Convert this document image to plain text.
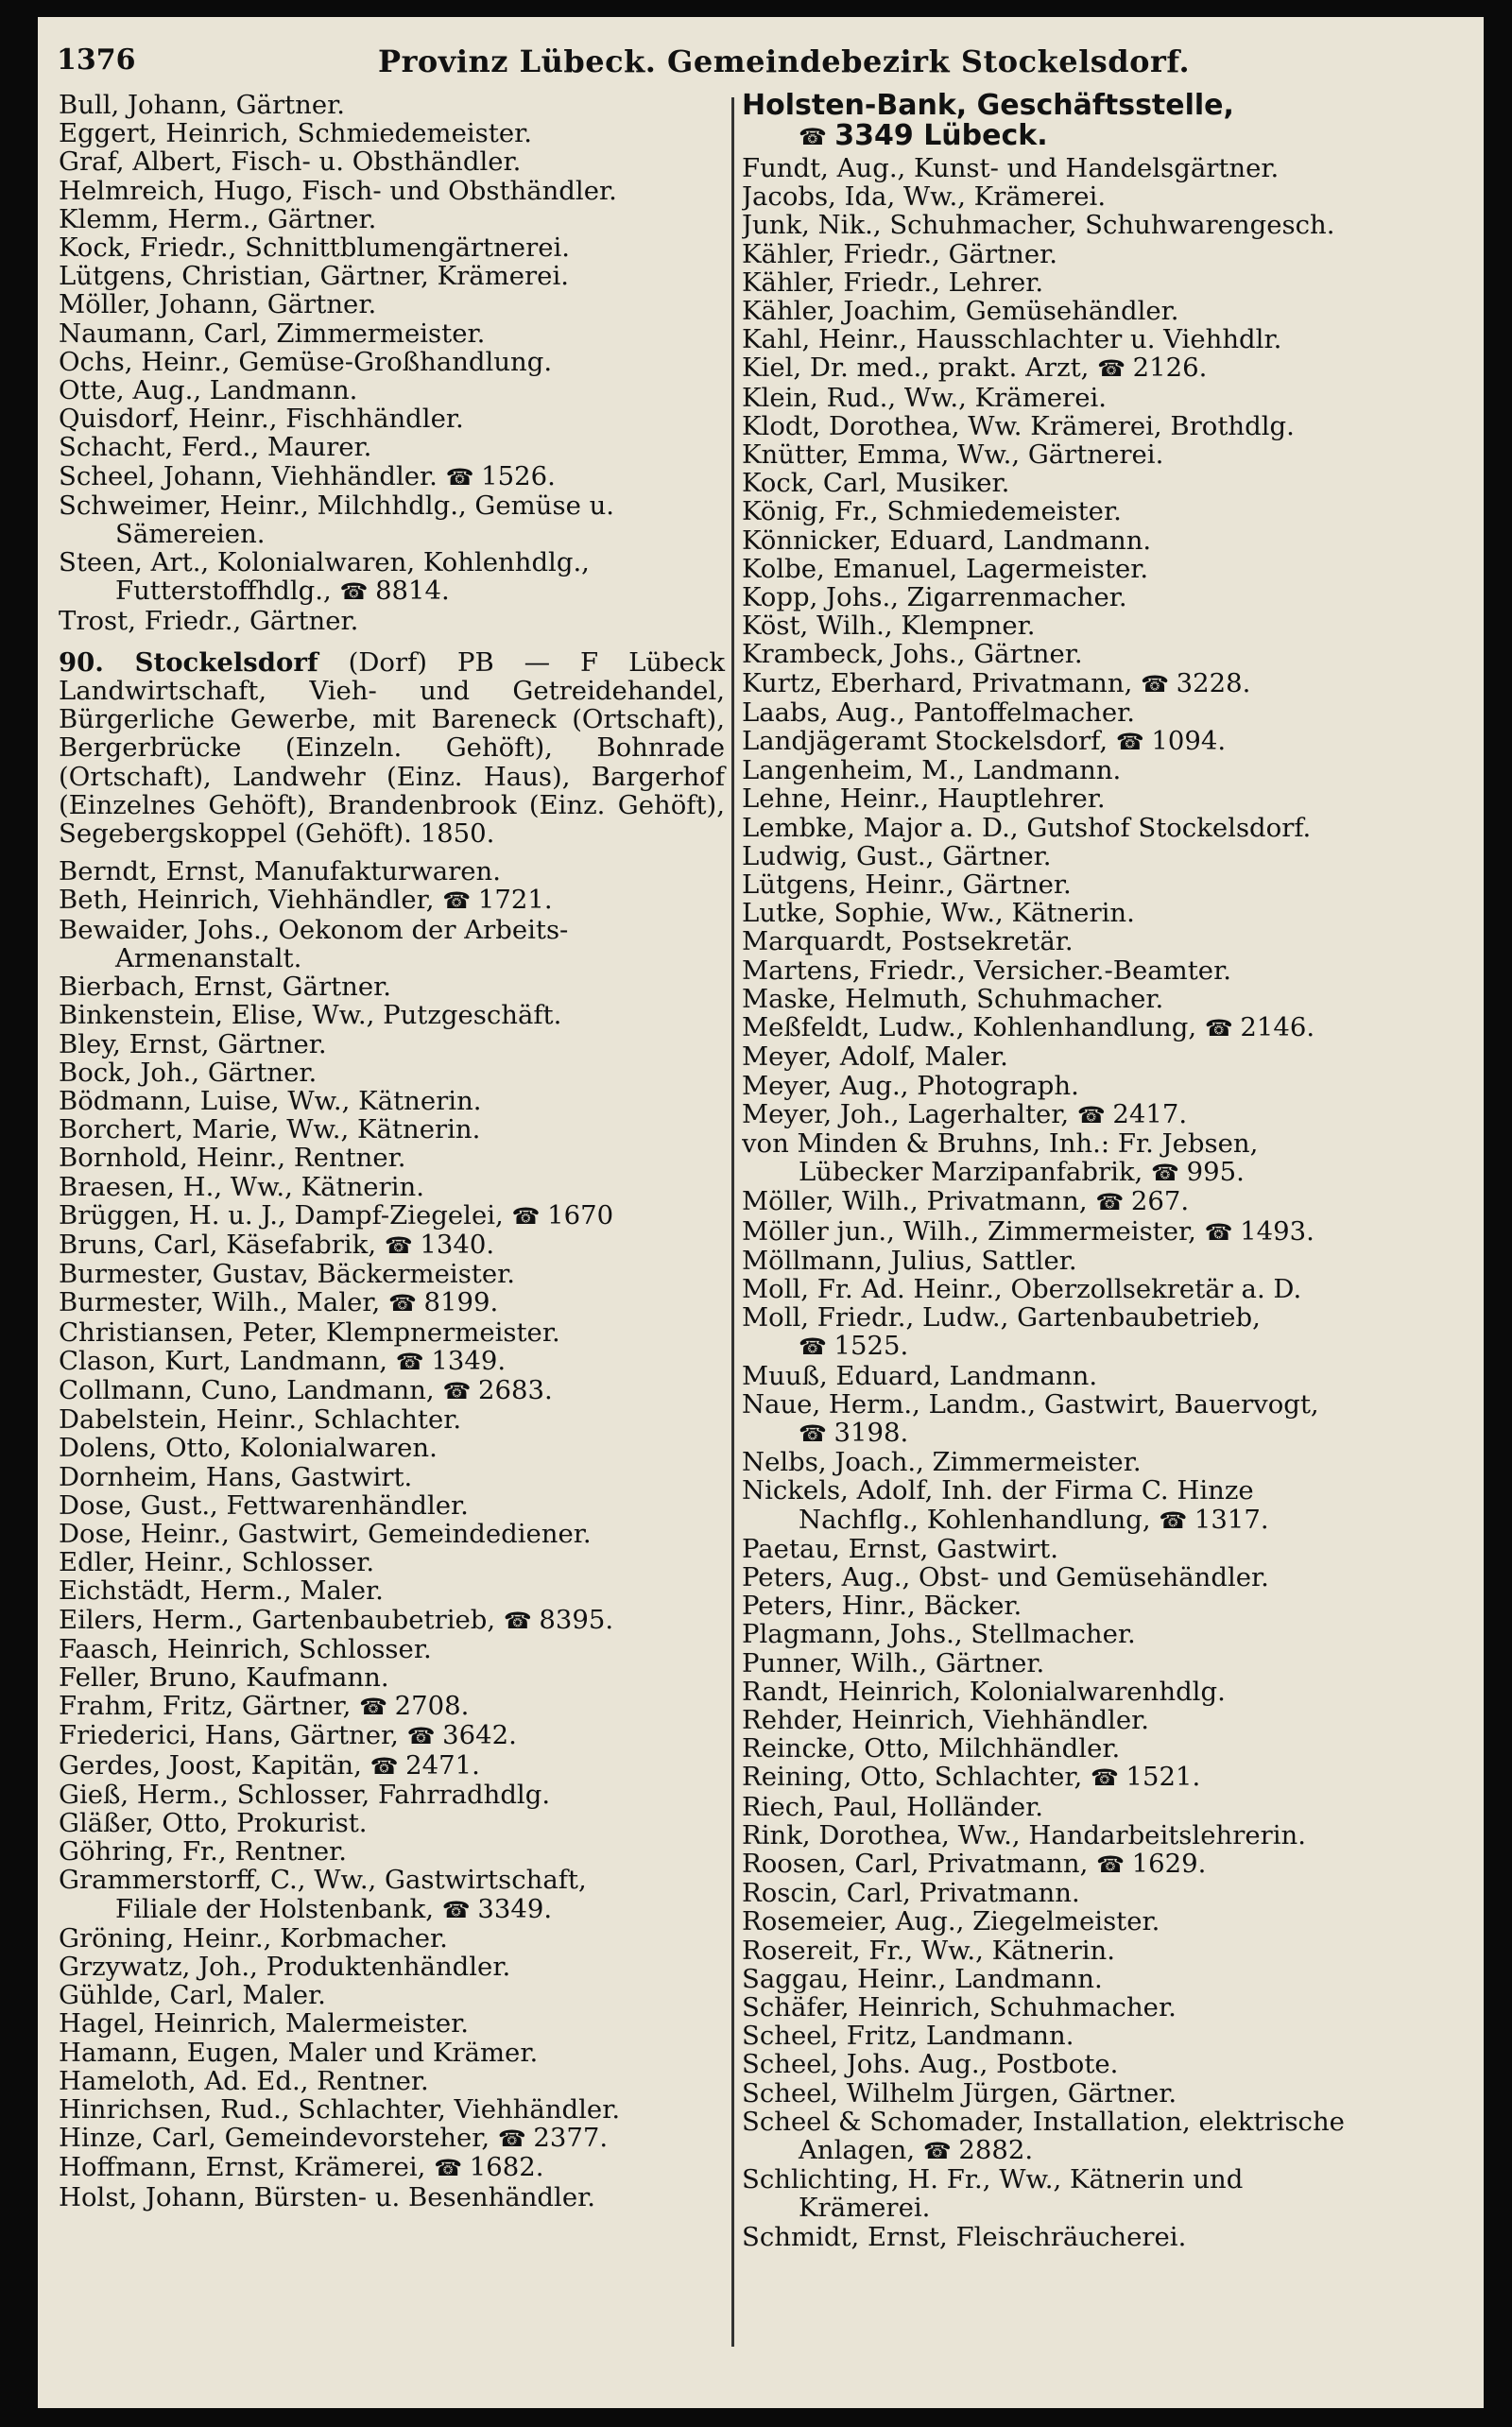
1376	Provinz Lübeck. Gemeindebezirk Stockelsdorf.
Bull, Johann, Gärtner.
Eggert, Heinrich, Schmiedemeister.
Graf, Albert, Fisch- u. Obsthändler.
Helmreich, Hugo, Fisch- und Obsthändler.
Klemm, Herm., Gärtner.
Kock, Friedr., Schnittblumengärtnerei.
Lütgens, Christian, Gärtner, Krämerei.
Möller, Johann, Gärtner.
Naumann, Carl, Zimmermeister.
Ochs, Heinr., Gemüse-Großhandlung.
Otte, Aug., Landmann.
Quisdorf, Heinr., Fischhändler.
Schacht, Ferd., Maurer.
Scheel, Johann, Viehhändler. ☎ 1526.
Schweimer, Heinr., Milchhdlg., Gemüse u.
Sämereien.
Steen, Art., Kolonialwaren, Kohlenhdlg.,
Futterstoffhdlg., ☎ 8814.
Trost, Friedr., Gärtner.
90. Stockelsdorf (Dorf) PB — F Lübeck Landwirtschaft, Vieh- und Getreidehandel, Bürgerliche Gewerbe, mit Bareneck (Ortschaft), Bergerbrücke (Einzeln. Gehöft), Bohnrade (Ortschaft), Landwehr (Einz. Haus), Bargerhof (Einzelnes Gehöft), Brandenbrook (Einz. Gehöft), Segebergskoppel (Gehöft). 1850.
Berndt, Ernst, Manufakturwaren.
Beth, Heinrich, Viehhändler, ☎ 1721.
Bewaider, Johs., Oekonom der Arbeits-
Armenanstalt.
Bierbach, Ernst, Gärtner.
Binkenstein, Elise, Ww., Putzgeschäft.
Bley, Ernst, Gärtner.
Bock, Joh., Gärtner.
Bödmann, Luise, Ww., Kätnerin.
Borchert, Marie, Ww., Kätnerin.
Bornhold, Heinr., Rentner.
Braesen, H., Ww., Kätnerin.
Brüggen, H. u. J., Dampf-Ziegelei, ☎ 1670
Bruns, Carl, Käsefabrik, ☎ 1340.
Burmester, Gustav, Bäckermeister.
Burmester, Wilh., Maler, ☎ 8199.
Christiansen, Peter, Klempnermeister.
Clason, Kurt, Landmann, ☎ 1349.
Collmann, Cuno, Landmann, ☎ 2683.
Dabelstein, Heinr., Schlachter.
Dolens, Otto, Kolonialwaren.
Dornheim, Hans, Gastwirt.
Dose, Gust., Fettwarenhändler.
Dose, Heinr., Gastwirt, Gemeindediener.
Edler, Heinr., Schlosser.
Eichstädt, Herm., Maler.
Eilers, Herm., Gartenbaubetrieb, ☎ 8395.
Faasch, Heinrich, Schlosser.
Feller, Bruno, Kaufmann.
Frahm, Fritz, Gärtner, ☎ 2708.
Friederici, Hans, Gärtner, ☎ 3642.
Gerdes, Joost, Kapitän, ☎ 2471.
Gieß, Herm., Schlosser, Fahrradhdlg.
Gläßer, Otto, Prokurist.
Göhring, Fr., Rentner.
Grammerstorff, C., Ww., Gastwirtschaft,
Filiale der Holstenbank, ☎ 3349.
Gröning, Heinr., Korbmacher.
Grzywatz, Joh., Produktenhändler.
Gühlde, Carl, Maler.
Hagel, Heinrich, Malermeister.
Hamann, Eugen, Maler und Krämer.
Hameloth, Ad. Ed., Rentner.
Hinrichsen, Rud., Schlachter, Viehhändler.
Hinze, Carl, Gemeindevorsteher, ☎ 2377.
Hoffmann, Ernst, Krämerei, ☎ 1682.
Holst, Johann, Bürsten- u. Besenhändler.
Holsten-Bank, Geschäftsstelle,
☎ 3349 Lübeck.
Fundt, Aug., Kunst- und Handelsgärtner.
Jacobs, Ida, Ww., Krämerei.
Junk, Nik., Schuhmacher, Schuhwarengesch.
Kähler, Friedr., Gärtner.
Kähler, Friedr., Lehrer.
Kähler, Joachim, Gemüsehändler.
Kahl, Heinr., Hausschlachter u. Viehhdlr.
Kiel, Dr. med., prakt. Arzt, ☎ 2126.
Klein, Rud., Ww., Krämerei.
Klodt, Dorothea, Ww. Krämerei, Brothdlg.
Knütter, Emma, Ww., Gärtnerei.
Kock, Carl, Musiker.
König, Fr., Schmiedemeister.
Könnicker, Eduard, Landmann.
Kolbe, Emanuel, Lagermeister.
Kopp, Johs., Zigarrenmacher.
Köst, Wilh., Klempner.
Krambeck, Johs., Gärtner.
Kurtz, Eberhard, Privatmann, ☎ 3228.
Laabs, Aug., Pantoffelmacher.
Landjägeramt Stockelsdorf, ☎ 1094.
Langenheim, M., Landmann.
Lehne, Heinr., Hauptlehrer.
Lembke, Major a. D., Gutshof Stockelsdorf.
Ludwig, Gust., Gärtner.
Lütgens, Heinr., Gärtner.
Lutke, Sophie, Ww., Kätnerin.
Marquardt, Postsekretär.
Martens, Friedr., Versicher.-Beamter.
Maske, Helmuth, Schuhmacher.
Meßfeldt, Ludw., Kohlenhandlung, ☎ 2146.
Meyer, Adolf, Maler.
Meyer, Aug., Photograph.
Meyer, Joh., Lagerhalter, ☎ 2417.
von Minden & Bruhns, Inh.: Fr. Jebsen,
Lübecker Marzipanfabrik, ☎ 995.
Möller, Wilh., Privatmann, ☎ 267.
Möller jun., Wilh., Zimmermeister, ☎ 1493.
Möllmann, Julius, Sattler.
Moll, Fr. Ad. Heinr., Oberzollsekretär a. D.
Moll, Friedr., Ludw., Gartenbaubetrieb,
☎ 1525.
Muuß, Eduard, Landmann.
Naue, Herm., Landm., Gastwirt, Bauervogt,
☎ 3198.
Nelbs, Joach., Zimmermeister.
Nickels, Adolf, Inh. der Firma C. Hinze
Nachflg., Kohlenhandlung, ☎ 1317.
Paetau, Ernst, Gastwirt.
Peters, Aug., Obst- und Gemüsehändler.
Peters, Hinr., Bäcker.
Plagmann, Johs., Stellmacher.
Punner, Wilh., Gärtner.
Randt, Heinrich, Kolonialwarenhdlg.
Rehder, Heinrich, Viehhändler.
Reincke, Otto, Milchhändler.
Reining, Otto, Schlachter, ☎ 1521.
Riech, Paul, Holländer.
Rink, Dorothea, Ww., Handarbeitslehrerin.
Roosen, Carl, Privatmann, ☎ 1629.
Roscin, Carl, Privatmann.
Rosemeier, Aug., Ziegelmeister.
Rosereit, Fr., Ww., Kätnerin.
Saggau, Heinr., Landmann.
Schäfer, Heinrich, Schuhmacher.
Scheel, Fritz, Landmann.
Scheel, Johs. Aug., Postbote.
Scheel, Wilhelm Jürgen, Gärtner.
Scheel & Schomader, Installation, elektrische
Anlagen, ☎ 2882.
Schlichting, H. Fr., Ww., Kätnerin und
Krämerei.
Schmidt, Ernst, Fleischräucherei.
